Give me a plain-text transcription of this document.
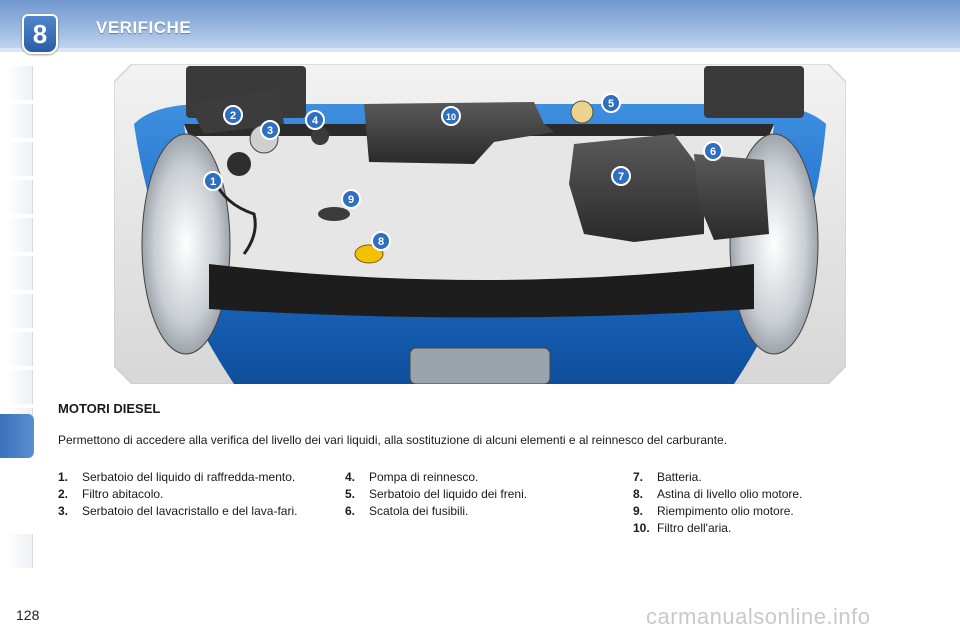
8	VERIFICHE
1
2
3
4
5
6
7
8
9
10
MOTORI DIESEL
Permettono di accedere alla verifica del livello dei vari liquidi, alla sostituzione di alcuni elementi e al reinnesco del carburante.
1. Serbatoio del liquido di raffredda-mento.
2. Filtro abitacolo.
3. Serbatoio del lavacristallo e del lava-fari.
4. Pompa di reinnesco.
5. Serbatoio del liquido dei freni.
6. Scatola dei fusibili.
7. Batteria.
8. Astina di livello olio motore.
9. Riempimento olio motore.
10. Filtro dell'aria.
128	carmanualsonline.info
